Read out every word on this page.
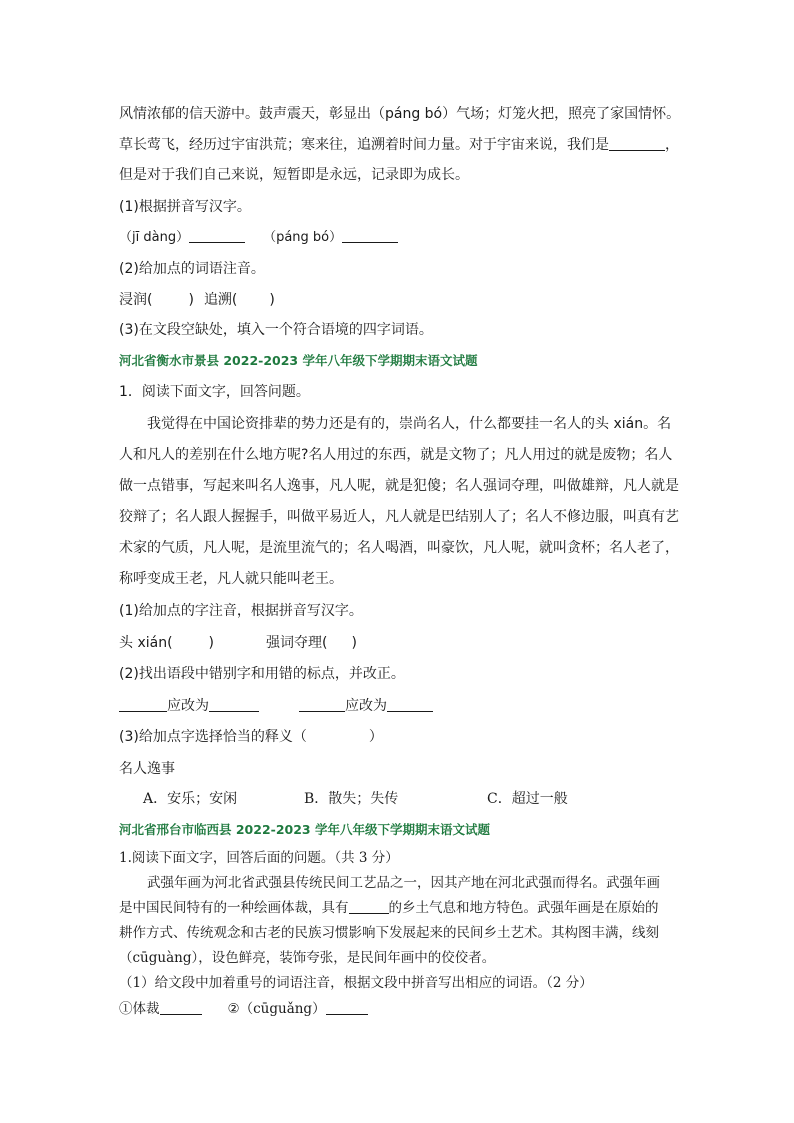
风情浓郁的信天游中。鼓声震天，彰显出（páng bó）气场；灯笼火把，照亮了家国情怀。
草长莺飞，经历过宇宙洪荒；寒来往，追溯着时间力量。对于宇宙来说，我们是	，
但是对于我们自己来说，短暂即是永远，记录即为成长。
(1)根据拼音写汉字。
（jī dàng）	（páng bó）
(2)给加点的词语注音。
浸润(	) 追溯( )
(3)在文段空缺处，填入一个符合语境的四字词语。
河北省衡水市景县 2022-2023 学年八年级下学期期末语文试题
1．阅读下面文字，回答问题。
我觉得在中国论资排辈的势力还是有的，崇尚名人，什么都要挂一名人的头 xián。名
人和凡人的差别在什么地方呢?名人用过的东西，就是文物了；凡人用过的就是废物；名人
做一点错事，写起来叫名人逸事，凡人呢，就是犯傻；名人强词夺理，叫做雄辩，凡人就是
狡辩了；名人跟人握握手，叫做平易近人，凡人就是巴结别人了；名人不修边服，叫真有艺
术家的气质，凡人呢，是流里流气的；名人喝酒，叫豪饮，凡人呢，就叫贪杯；名人老了，
称呼变成王老，凡人就只能叫老王。
(1)给加点的字注音，根据拼音写汉字。
头 xián(	)	强词夺理( )
(2)找出语段中错别字和用错的标点，并改正。
应改为	应改为
(3)给加点字选择恰当的释义（	）
名人逸事
A．安乐；安闲	B．散失；失传	C．超过一般
河北省邢台市临西县 2022-2023 学年八年级下学期期末语文试题
1.阅读下面文字，回答后面的问题。（共 3 分）
武强年画为河北省武强县传统民间工艺品之一，因其产地在河北武强而得名。武强年画
是中国民间特有的一种绘画体裁，具有	的乡土气息和地方特色。武强年画是在原始的
耕作方式、传统观念和古老的民族习惯影响下发展起来的民间乡土艺术。其构图丰满，线刻
（cūguàng），设色鲜亮，装饰夸张，是民间年画中的佼佼者。
（1）给文段中加着重号的词语注音，根据文段中拼音写出相应的词语。（2 分）
①体裁	②（cūguǎng）
